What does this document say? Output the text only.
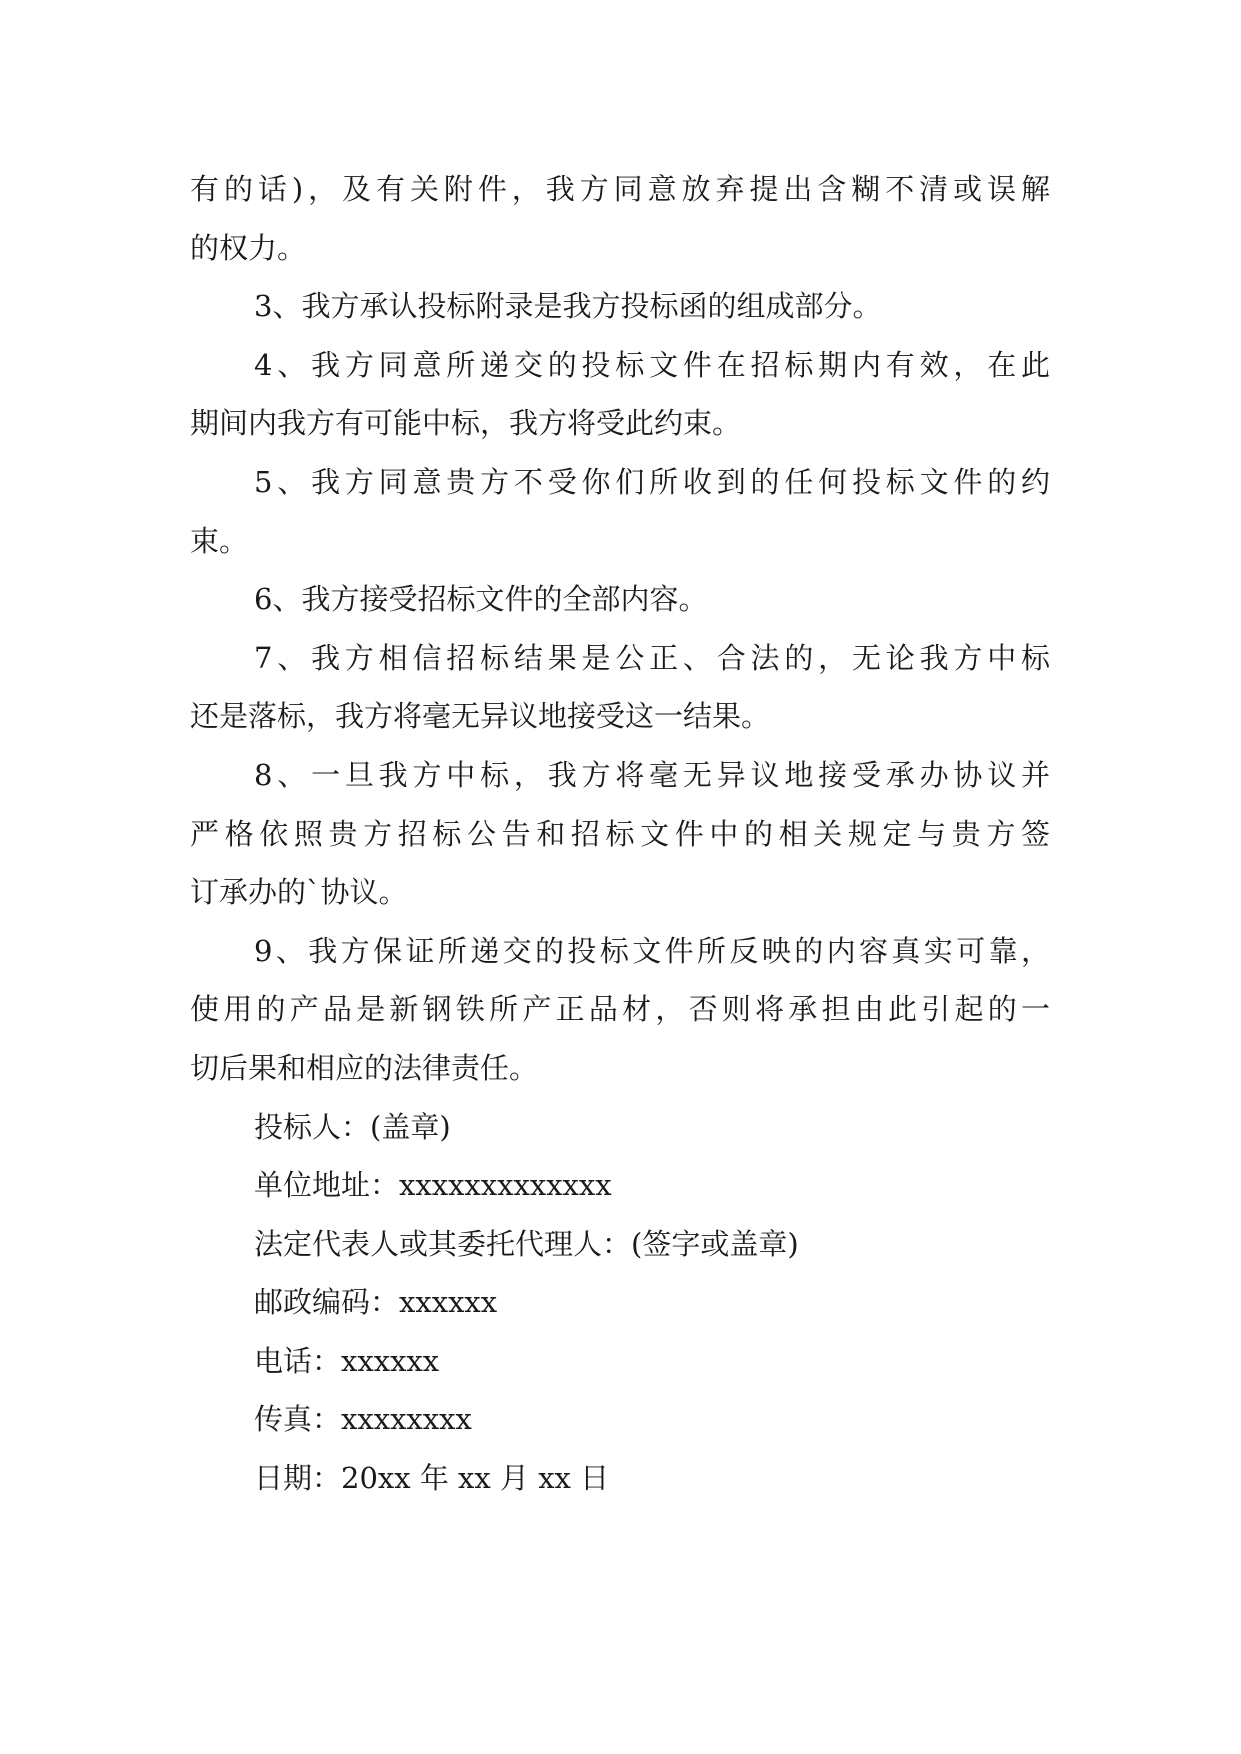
有的话)，及有关附件，我方同意放弃提出含糊不清或误解
的权力。
3、我方承认投标附录是我方投标函的组成部分。
4、我方同意所递交的投标文件在招标期内有效，在此
期间内我方有可能中标，我方将受此约束。
5、我方同意贵方不受你们所收到的任何投标文件的约
束。
6、我方接受招标文件的全部内容。
7、我方相信招标结果是公正、合法的，无论我方中标
还是落标，我方将毫无异议地接受这一结果。
8、一旦我方中标，我方将毫无异议地接受承办协议并
严格依照贵方招标公告和招标文件中的相关规定与贵方签
订承办的`协议。
9、我方保证所递交的投标文件所反映的内容真实可靠，
使用的产品是新钢铁所产正品材，否则将承担由此引起的一
切后果和相应的法律责任。
投标人：(盖章)
单位地址：xxxxxxxxxxxxx
法定代表人或其委托代理人：(签字或盖章)
邮政编码：xxxxxx
电话：xxxxxx
传真：xxxxxxxx
日期：20xx 年 xx 月 xx 日
